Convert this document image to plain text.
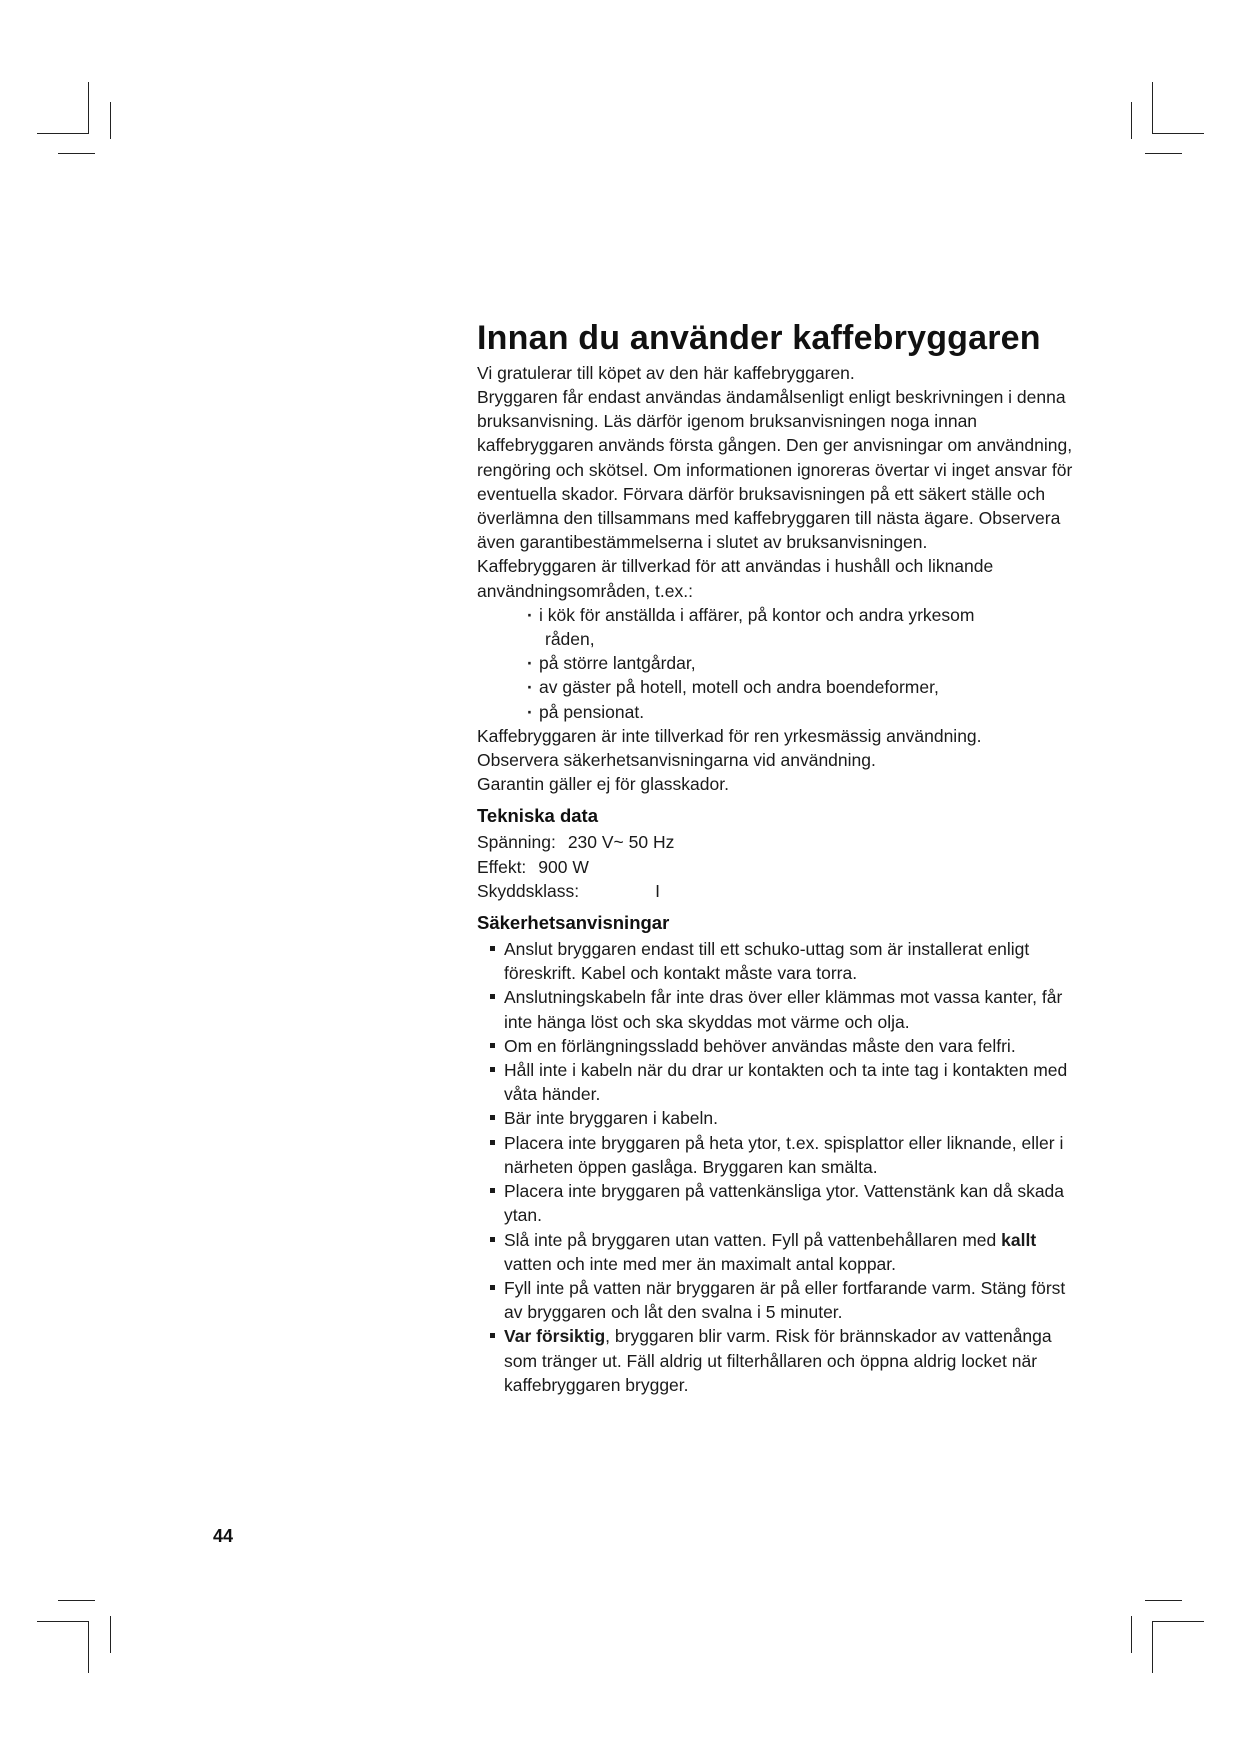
Innan du använder kaffebryggaren

Vi gratulerar till köpet av den här kaffebryggaren.

Bryggaren får endast användas ändamålsenligt enligt beskrivningen i denna bruksanvisning. Läs därför igenom bruksanvisningen noga innan kaffebryggaren används första gången. Den ger anvisningar om användning, rengöring och skötsel. Om informationen ignoreras övertar vi inget ansvar för eventuella skador. Förvara därför bruksavisningen på ett säkert ställe och överlämna den tillsammans med kaffebryggaren till nästa ägare. Observera även garantibestämmelserna i slutet av bruksanvisningen.

Kaffebryggaren är tillverkad för att användas i hushåll och liknande användningsområden, t.ex.:

· i kök för anställda i affärer, på kontor och andra yrkesom
råden,
· på större lantgårdar,
· av gäster på hotell, motell och andra boendeformer,
· på pensionat.

Kaffebryggaren är inte tillverkad för ren yrkesmässig användning.

Observera säkerhetsanvisningarna vid användning.

Garantin gäller ej för glasskador.

Tekniska data
Spänning: 230 V~ 50 Hz
Effekt: 900 W
Skyddsklass:	I
Säkerhetsanvisningar
Anslut bryggaren endast till ett schuko-uttag som är installerat enligt föreskrift. Kabel och kontakt måste vara torra.
Anslutningskabeln får inte dras över eller klämmas mot vassa kanter, får inte hänga löst och ska skyddas mot värme och olja.
Om en förlängningssladd behöver användas måste den vara felfri.
Håll inte i kabeln när du drar ur kontakten och ta inte tag i kontakten med våta händer.
Bär inte bryggaren i kabeln.
Placera inte bryggaren på heta ytor, t.ex. spisplattor eller liknande, eller i närheten öppen gaslåga. Bryggaren kan smälta.
Placera inte bryggaren på vattenkänsliga ytor. Vattenstänk kan då skada ytan.
Slå inte på bryggaren utan vatten. Fyll på vattenbehållaren med kallt vatten och inte med mer än maximalt antal koppar.
Fyll inte på vatten när bryggaren är på eller fortfarande varm. Stäng först av bryggaren och låt den svalna i 5 minuter.
Var försiktig, bryggaren blir varm. Risk för brännskador av vattenånga som tränger ut. Fäll aldrig ut filterhållaren och öppna aldrig locket när kaffebryggaren brygger.
44
